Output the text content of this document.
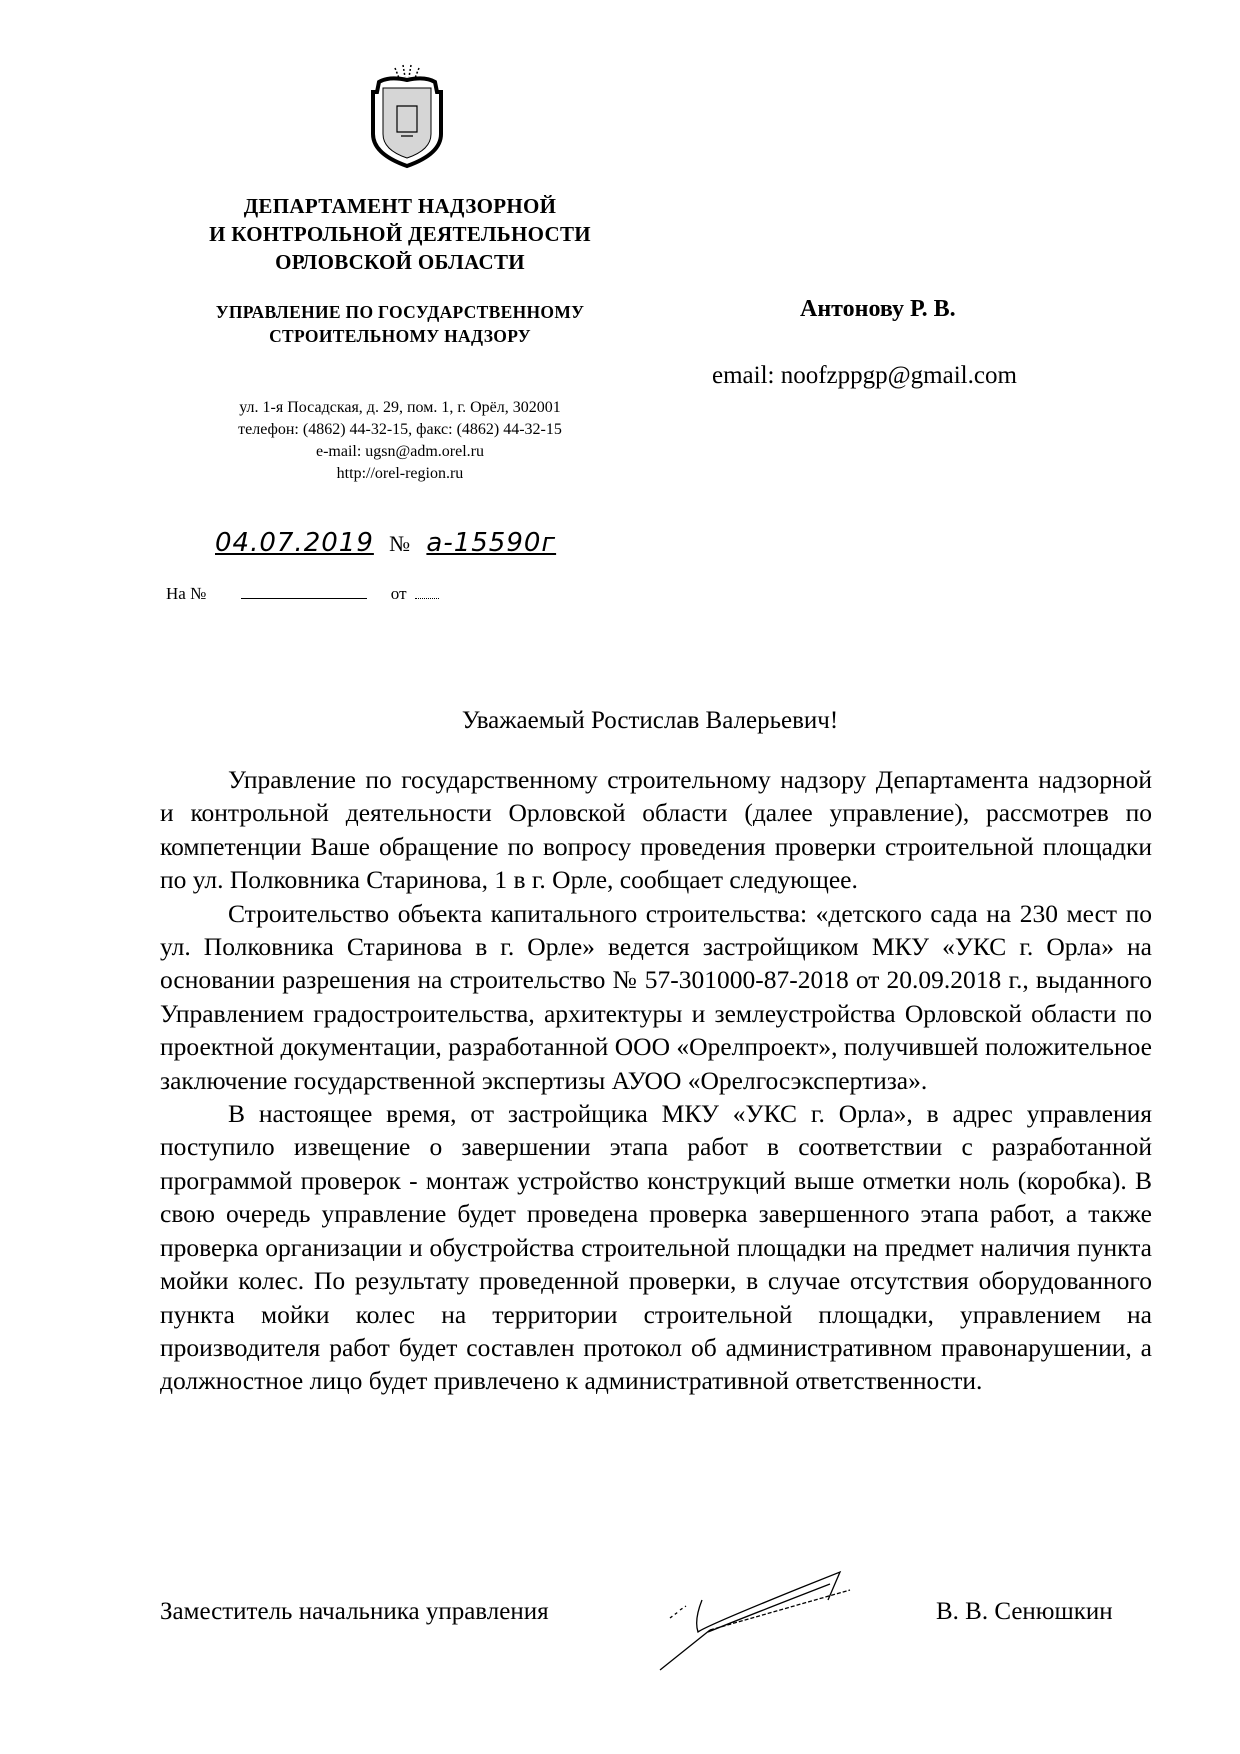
ДЕПАРТАМЕНТ НАДЗОРНОЙ
И КОНТРОЛЬНОЙ ДЕЯТЕЛЬНОСТИ
ОРЛОВСКОЙ ОБЛАСТИ
УПРАВЛЕНИЕ ПО ГОСУДАРСТВЕННОМУ
СТРОИТЕЛЬНОМУ НАДЗОРУ
ул. 1-я Посадская, д. 29, пом. 1, г. Орёл, 302001
телефон: (4862) 44-32-15, факс: (4862) 44-32-15
e-mail: ugsn@adm.orel.ru
http://orel-region.ru
Антонову Р. В.
email: noofzppgp@gmail.com
04.07.2019 № а-15590г
На №	от
Уважаемый Ростислав Валерьевич!

Управление по государственному строительному надзору Департамента надзорной и контрольной деятельности Орловской области (далее управление), рассмотрев по компетенции Ваше обращение по вопросу проведения проверки строительной площадки по ул. Полковника Старинова, 1 в г. Орле, сообщает следующее.

Строительство объекта капитального строительства: «детского сада на 230 мест по ул. Полковника Старинова в г. Орле» ведется застройщиком МКУ «УКС г. Орла» на основании разрешения на строительство № 57-301000-87-2018 от 20.09.2018 г., выданного Управлением градостроительства, архитектуры и землеустройства Орловской области по проектной документации, разработанной ООО «Орелпроект», получившей положительное заключение государственной экспертизы АУОО «Орелгосэкспертиза».

В настоящее время, от застройщика МКУ «УКС г. Орла», в адрес управления поступило извещение о завершении этапа работ в соответствии с разработанной программой проверок - монтаж устройство конструкций выше отметки ноль (коробка). В свою очередь управление будет проведена проверка завершенного этапа работ, а также проверка организации и обустройства строительной площадки на предмет наличия пункта мойки колес. По результату проведенной проверки, в случае отсутствия оборудованного пункта мойки колес на территории строительной площадки, управлением на производителя работ будет составлен протокол об административном правонарушении, а должностное лицо будет привлечено к административной ответственности.

Заместитель начальника управления	В. В. Сенюшкин
